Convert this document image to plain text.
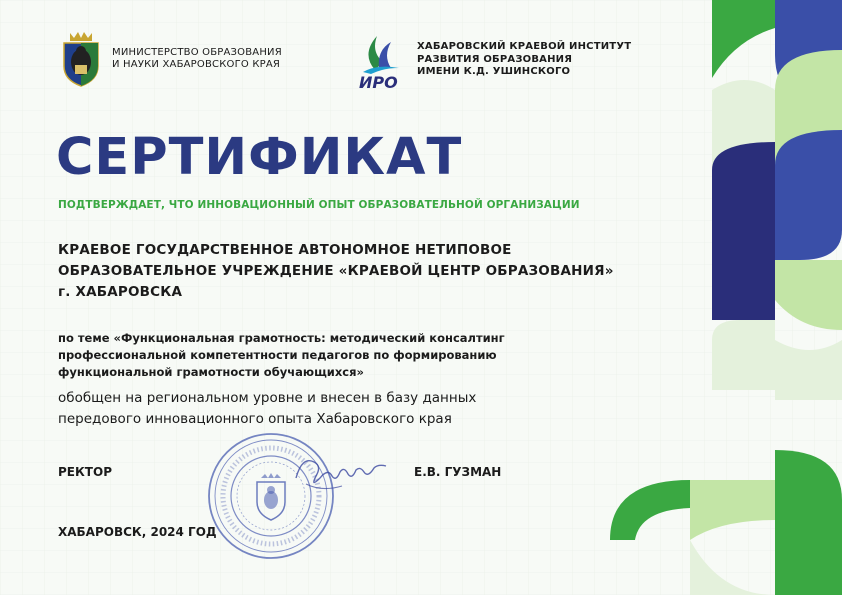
МИНИСТЕРСТВО ОБРАЗОВАНИЯ
И НАУКИ ХАБАРОВСКОГО КРАЯ
ИРО
ХАБАРОВСКИЙ КРАЕВОЙ ИНСТИТУТ
РАЗВИТИЯ ОБРАЗОВАНИЯ
ИМЕНИ К.Д. УШИНСКОГО
СЕРТИФИКАТ
ПОДТВЕРЖДАЕТ, ЧТО ИННОВАЦИОННЫЙ ОПЫТ ОБРАЗОВАТЕЛЬНОЙ ОРГАНИЗАЦИИ
КРАЕВОЕ ГОСУДАРСТВЕННОЕ АВТОНОМНОЕ НЕТИПОВОЕ
ОБРАЗОВАТЕЛЬНОЕ УЧРЕЖДЕНИЕ «КРАЕВОЙ ЦЕНТР ОБРАЗОВАНИЯ»
г. ХАБАРОВСКА
по теме «Функциональная грамотность: методический консалтинг
профессиональной компетентности педагогов по формированию
функциональной грамотности обучающихся»
обобщен на региональном уровне и внесен в базу данных
передового инновационного опыта Хабаровского края
РЕКТОР	Е.В. ГУЗМАН
ХАБАРОВСК, 2024 ГОД
